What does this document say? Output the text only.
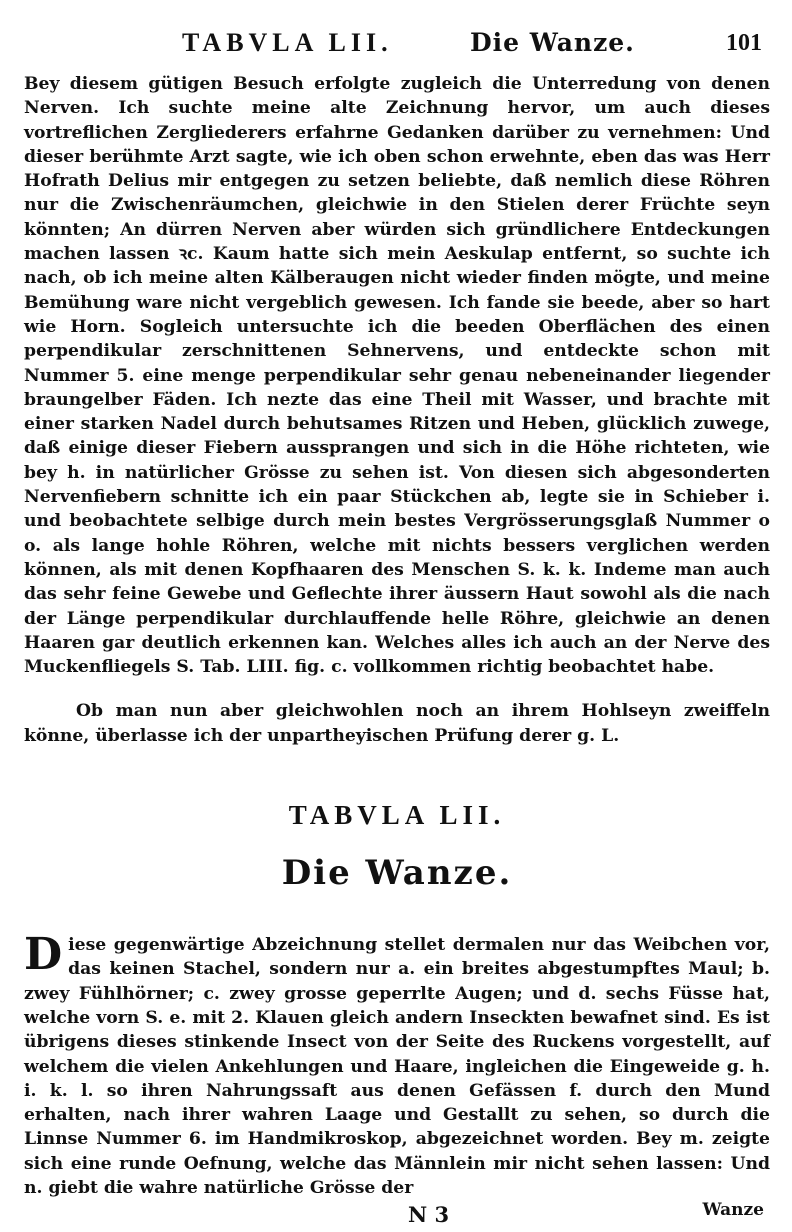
TABVLA LII.	Die Wanze.	101

Bey diesem gütigen Besuch erfolgte zugleich die Unterredung von denen Nerven. Ich suchte meine alte Zeichnung hervor, um auch dieses vortreflichen Zergliederers erfahrne Gedanken darüber zu vernehmen: Und dieser berühmte Arzt sagte, wie ich oben schon erwehnte, eben das was Herr Hofrath Delius mir entgegen zu setzen beliebte, daß nemlich diese Röhren nur die Zwischenräumchen, gleichwie in den Stielen derer Früchte seyn könnten; An dürren Nerven aber würden sich gründlichere Entdeckungen machen lassen ꝛc. Kaum hatte sich mein Aeskulap entfernt, so suchte ich nach, ob ich meine alten Kälberaugen nicht wieder finden mögte, und meine Bemühung ware nicht vergeblich gewesen. Ich fande sie beede, aber so hart wie Horn. Sogleich untersuchte ich die beeden Oberflächen des einen perpendikular zerschnittenen Sehnervens, und entdeckte schon mit Nummer 5. eine menge perpendikular sehr genau nebeneinander liegender braungelber Fäden. Ich nezte das eine Theil mit Wasser, und brachte mit einer starken Nadel durch behutsames Ritzen und Heben, glücklich zuwege, daß einige dieser Fiebern aussprangen und sich in die Höhe richteten, wie bey h. in natürlicher Grösse zu sehen ist. Von diesen sich abgesonderten Nervenfiebern schnitte ich ein paar Stückchen ab, legte sie in Schieber i. und beobachtete selbige durch mein bestes Vergrösserungsglaß Nummer o o. als lange hohle Röhren, welche mit nichts bessers verglichen werden können, als mit denen Kopfhaaren des Menschen S. k. k. Indeme man auch das sehr feine Gewebe und Geflechte ihrer äussern Haut sowohl als die nach der Länge perpendikular durchlauffende helle Röhre, gleichwie an denen Haaren gar deutlich erkennen kan. Welches alles ich auch an der Nerve des Muckenfliegels S. Tab. LIII. fig. c. vollkommen richtig beobachtet habe.

Ob man nun aber gleichwohlen noch an ihrem Hohlseyn zweiffeln könne, überlasse ich der unpartheyischen Prüfung derer g. L.

TABVLA LII.
Die Wanze.

Diese gegenwärtige Abzeichnung stellet dermalen nur das Weibchen vor, das keinen Stachel, sondern nur a. ein breites abgestumpftes Maul; b. zwey Fühlhörner; c. zwey grosse geperrlte Augen; und d. sechs Füsse hat, welche vorn S. e. mit 2. Klauen gleich andern Inseckten bewafnet sind. Es ist übrigens dieses stinkende Insect von der Seite des Ruckens vorgestellt, auf welchem die vielen Ankehlungen und Haare, ingleichen die Eingeweide g. h. i. k. l. so ihren Nahrungssaft aus denen Gefässen f. durch den Mund erhalten, nach ihrer wahren Laage und Gestallt zu sehen, so durch die Linnse Nummer 6. im Handmikroskop, abgezeichnet worden. Bey m. zeigte sich eine runde Oefnung, welche das Männlein mir nicht sehen lassen: Und n. giebt die wahre natürliche Grösse der

N 3	Wanze
